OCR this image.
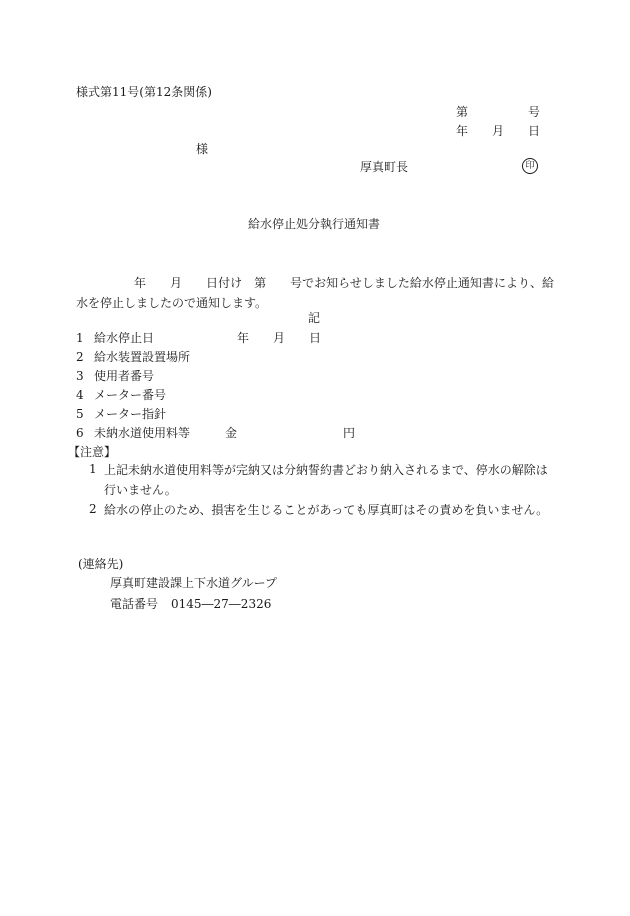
様式第11号(第12条関係)
第	号
年 月 日
様
厚真町長	印
給水停止処分執行通知書
年　　月　　日付け　第　　号でお知らせしました給水停止通知書により、給水を停止しましたので通知します。
記
1 給水停止日	年　　月　　日
2 給水装置設置場所
3 使用者番号
4 メーター番号
5 メーター指針
6 未納水道使用料等	金	円
【注意】
1 上記未納水道使用料等が完納又は分納誓約書どおり納入されるまで、停水の解除は行いません。
2 給水の停止のため、損害を生じることがあっても厚真町はその責めを負いません。
(連絡先)
厚真町建設課上下水道グループ
電話番号 0145―27―2326
